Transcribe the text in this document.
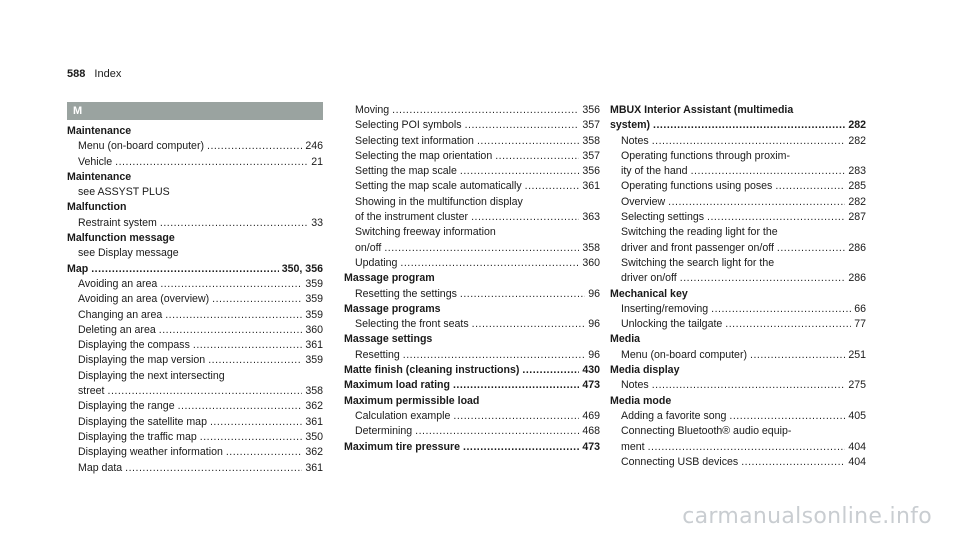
588 Index
M
Maintenance
Menu (on-board computer) .....	246
Vehicle .....	21
Maintenance
see ASSYST PLUS
Malfunction
Restraint system .....	33
Malfunction message
see Display message
Map .....	350, 356
Avoiding an area .....	359
Avoiding an area (overview) .....	359
Changing an area .....	359
Deleting an area .....	360
Displaying the compass .....	361
Displaying the map version .....	359
Displaying the next intersecting
street .....	358
Displaying the range .....	362
Displaying the satellite map .....	361
Displaying the traffic map .....	350
Displaying weather information .....	362
Map data .....	361
Moving .....	356
Selecting POI symbols .....	357
Selecting text information .....	358
Selecting the map orientation .....	357
Setting the map scale .....	356
Setting the map scale automatically .....	361
Showing in the multifunction display
of the instrument cluster .....	363
Switching freeway information
on/off .....	358
Updating .....	360
Massage program
Resetting the settings .....	96
Massage programs
Selecting the front seats .....	96
Massage settings
Resetting .....	96
Matte finish (cleaning instructions) .....	430
Maximum load rating .....	473
Maximum permissible load
Calculation example .....	469
Determining .....	468
Maximum tire pressure .....	473
MBUX Interior Assistant (multimedia
system) .....	282
Notes .....	282
Operating functions through proxim-
ity of the hand .....	283
Operating functions using poses .....	285
Overview .....	282
Selecting settings .....	287
Switching the reading light for the
driver and front passenger on/off .....	286
Switching the search light for the
driver on/off .....	286
Mechanical key
Inserting/removing .....	66
Unlocking the tailgate .....	77
Media
Menu (on-board computer) .....	251
Media display
Notes .....	275
Media mode
Adding a favorite song .....	405
Connecting Bluetooth® audio equip-
ment .....	404
Connecting USB devices .....	404
carmanualsonline.info
